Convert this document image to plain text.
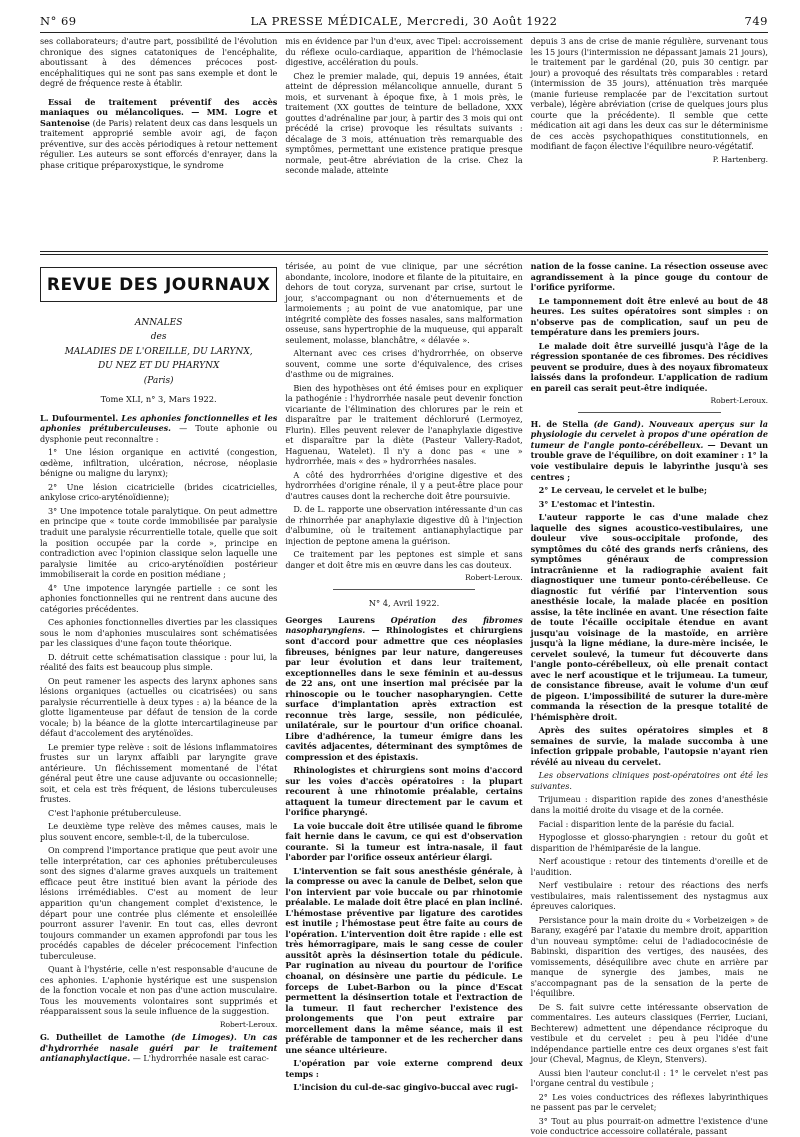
N° 69	LA PRESSE MÉDICALE, Mercredi, 30 Août 1922	749

ses collaborateurs; d'autre part, possibilité de l'évolution chronique des signes catatoniques de l'encéphalite, aboutissant à des démences précoces post-encéphalitiques qui ne sont pas sans exemple et dont le degré de fréquence reste à établir.

Essai de traitement préventif des accès maniaques ou mélancoliques. — MM. Logre et Santenoise (de Paris) relatent deux cas dans lesquels un traitement approprié semble avoir agi, de façon préventive, sur des accès périodiques à retour nettement régulier. Les auteurs se sont efforcés d'enrayer, dans la phase critique préparoxystique, le syndrome

mis en évidence par l'un d'eux, avec Tipel: accroissement du réflexe oculo-cardiaque, apparition de l'hémoclasie digestive, accélération du pouls.

Chez le premier malade, qui, depuis 19 années, était atteint de dépression mélancolique annuelle, durant 5 mois, et survenant à époque fixe, à 1 mois près, le traitement (XX gouttes de teinture de belladone, XXX gouttes d'adrénaline par jour, à partir des 3 mois qui ont précédé la crise) provoque les résultats suivants : décalage de 3 mois, atténuation très remarquable des symptômes, permettant une existence pratique presque normale, peut-être abréviation de la crise. Chez la seconde malade, atteinte

depuis 3 ans de crise de manie régulière, survenant tous les 15 jours (l'intermission ne dépassant jamais 21 jours), le traitement par le gardénal (20, puis 30 centigr. par jour) a provoqué des résultats très comparables : retard (intermission de 35 jours), atténuation très marquée (manie furieuse remplacée par de l'excitation surtout verbale), légère abréviation (crise de quelques jours plus courte que la précédente). Il semble que cette médication ait agi dans les deux cas sur le déterminisme de ces accès psychopathiques constitutionnels, en modifiant de façon élective l'équilibre neuro-végétatif.

P. Hartenberg.

REVUE DES JOURNAUX
ANNALES
des
MALADIES DE L'OREILLE, DU LARYNX,
DU NEZ ET DU PHARYNX
(Paris)
Tome XLI, n° 3, Mars 1922.

L. Dufourmentel. Les aphonies fonctionnelles et les aphonies prétuberculeuses. — Toute aphonie ou dysphonie peut reconnaître :

1° Une lésion organique en activité (congestion, œdème, infiltration, ulcération, nécrose, néoplasie bénigne ou maligne du larynx);

2° Une lésion cicatricielle (brides cicatricielles, ankylose crico-aryténoïdienne);

3° Une impotence totale paralytique. On peut admettre en principe que « toute corde immobilisée par paralysie traduit une paralysie récurrentielle totale, quelle que soit la position occupée par la corde », principe en contradiction avec l'opinion classique selon laquelle une paralysie limitée au crico-aryténoïdien postérieur immobiliserait la corde en position médiane ;

4° Une impotence laryngée partielle : ce sont les aphonies fonctionnelles qui ne rentrent dans aucune des catégories précédentes.

Ces aphonies fonctionnelles diverties par les classiques sous le nom d'aphonies musculaires sont schématisées par les classiques d'une façon toute théorique.

D. détruit cette schématisation classique : pour lui, la réalité des faits est beaucoup plus simple.

On peut ramener les aspects des larynx aphones sans lésions organiques (actuelles ou cicatrisées) ou sans paralysie récurrentielle à deux types : a) la béance de la glotte ligamenteuse par défaut de tension de la corde vocale; b) la béance de la glotte intercartilagineuse par défaut d'accolement des aryténoïdes.

Le premier type relève : soit de lésions inflammatoires frustes sur un larynx affaibli par laryngite grave antérieure. Un fléchissement momentané de l'état général peut être une cause adjuvante ou occasionnelle; soit, et cela est très fréquent, de lésions tuberculeuses frustes.

C'est l'aphonie prétuberculeuse.

Le deuxième type relève des mêmes causes, mais le plus souvent encore, semble-t-il, de la tuberculose.

On comprend l'importance pratique que peut avoir une telle interprétation, car ces aphonies prétuberculeuses sont des signes d'alarme graves auxquels un traitement efficace peut être institué bien avant la période des lésions irrémédiables. C'est au moment de leur apparition qu'un changement complet d'existence, le départ pour une contrée plus clémente et ensoleillée pourront assurer l'avenir. En tout cas, elles devront toujours commander un examen approfondi par tous les procédés capables de déceler précocement l'infection tuberculeuse.

Quant à l'hystérie, celle n'est responsable d'aucune de ces aphonies. L'aphonie hystérique est une suspension de la fonction vocale et non pas d'une action musculaire. Tous les mouvements volontaires sont supprimés et réapparaissent sous la seule influence de la suggestion.

Robert-Leroux.

G. Dutheillet de Lamothe (de Limoges). Un cas d'hydrorrhée nasale guéri par le traitement antianaphylactique. — L'hydrorrhée nasale est carac-

térisée, au point de vue clinique, par une sécrétion abondante, incolore, inodore et filante de la pituitaire, en dehors de tout coryza, survenant par crise, surtout le jour, s'accompagnant ou non d'éternuements et de larmoiements ; au point de vue anatomique, par une intégrité complète des fosses nasales, sans malformation osseuse, sans hypertrophie de la muqueuse, qui apparaît seulement, molasse, blanchâtre, « délavée ».

Alternant avec ces crises d'hydrorrhée, on observe souvent, comme une sorte d'équivalence, des crises d'asthme ou de migraines.

Bien des hypothèses ont été émises pour en expliquer la pathogénie : l'hydrorrhée nasale peut devenir fonction vicariante de l'élimination des chlorures par le rein et disparaître par le traitement déchloruré (Lermoyez, Flurin). Elles peuvent relever de l'anaphylaxie digestive et disparaître par la diète (Pasteur Vallery-Radot, Haguenau, Watelet). Il n'y a donc pas « une » hydrorrhée, mais « des » hydrorrhées nasales.

A côté des hydrorrhées d'origine digestive et des hydrorrhées d'origine rénale, il y a peut-être place pour d'autres causes dont la recherche doit être poursuivie.

D. de L. rapporte une observation intéressante d'un cas de rhinorrhée par anaphylaxie digestive dû à l'injection d'albumine, où le traitement antianaphylactique par injection de peptone amena la guérison.

Ce traitement par les peptones est simple et sans danger et doit être mis en œuvre dans les cas douteux.

Robert-Leroux.

N° 4, Avril 1922.

Georges Laurens Opération des fibromes nasopharyngiens. — Rhinologistes et chirurgiens sont d'accord pour admettre que ces néoplasies fibreuses, bénignes par leur nature, dangereuses par leur évolution et dans leur traitement, exceptionnelles dans le sexe féminin et au-dessus de 22 ans, ont une insertion mal précisée par la rhinoscopie ou le toucher nasopharyngien. Cette surface d'implantation après extraction est reconnue très large, sessile, non pédiculée, unilatérale, sur le pourtour d'un orifice choanal. Libre d'adhérence, la tumeur émigre dans les cavités adjacentes, déterminant des symptômes de compression et des épistaxis.

Rhinologistes et chirurgiens sont moins d'accord sur les voies d'accès opératoires : la plupart recourent à une rhinotomie préalable, certains attaquent la tumeur directement par le cavum et l'orifice pharyngé.

La voie buccale doit être utilisée quand le fibrome fait hernie dans le cavum, ce qui est d'observation courante. Si la tumeur est intra-nasale, il faut l'aborder par l'orifice osseux antérieur élargi.

L'intervention se fait sous anesthésie générale, à la compresse ou avec la canule de Delbet, selon que l'on intervient par voie buccale ou par rhinotomie préalable. Le malade doit être placé en plan incliné. L'hémostase préventive par ligature des carotides est inutile ; l'hémostase peut être faite au cours de l'opération. L'intervention doit être rapide : elle est très hémorragipare, mais le sang cesse de couler aussitôt après la désinsertion totale du pédicule. Par rugination au niveau du pourtour de l'orifice choanal, on désinsère une partie du pédicule. Le forceps de Lubet-Barbon ou la pince d'Escat permettent la désinsertion totale et l'extraction de la tumeur. Il faut rechercher l'existence des prolongements que l'on peut extraire par morcellement dans la même séance, mais il est préférable de tamponner et de les rechercher dans une séance ultérieure.

L'opération par voie externe comprend deux temps :

L'incision du cul-de-sac gingivo-buccal avec rugi-

nation de la fosse canine. La résection osseuse avec agrandissement à la pince gouge du contour de l'orifice pyriforme.

Le tamponnement doit être enlevé au bout de 48 heures. Les suites opératoires sont simples : on n'observe pas de complication, sauf un peu de température dans les premiers jours.

Le malade doit être surveillé jusqu'à l'âge de la régression spontanée de ces fibromes. Des récidives peuvent se produire, dues à des noyaux fibromateux laissés dans la profondeur. L'application de radium en pareil cas serait peut-être indiquée.

Robert-Leroux.

H. de Stella (de Gand). Nouveaux aperçus sur la physiologie du cervelet à propos d'une opération de tumeur de l'angle ponto-cérébelleux. — Devant un trouble grave de l'équilibre, on doit examiner : 1° la voie vestibulaire depuis le labyrinthe jusqu'à ses centres ;

2° Le cerveau, le cervelet et le bulbe;

3° L'estomac et l'intestin.

L'auteur rapporte le cas d'une malade chez laquelle des signes acoustico-vestibulaires, une douleur vive sous-occipitale profonde, des symptômes du côté des grands nerfs crâniens, des symptômes généraux de compression intracrânienne et la radiographie avaient fait diagnostiquer une tumeur ponto-cérébelleuse. Ce diagnostic fut vérifié par l'intervention sous anesthésie locale, la malade placée en position assise, la tête inclinée en avant. Une résection faite de toute l'écaille occipitale étendue en avant jusqu'au voisinage de la mastoïde, en arrière jusqu'à la ligne médiane, la dure-mère incisée, le cervelet soulevé, la tumeur fut découverte dans l'angle ponto-cérébelleux, où elle prenait contact avec le nerf acoustique et le trijumeau. La tumeur, de consistance fibreuse, avait le volume d'un œuf de pigeon. L'impossibilité de suturer la dure-mère commanda la résection de la presque totalité de l'hémisphère droit.

Après des suites opératoires simples et 8 semaines de survie, la malade succomba à une infection grippale probable, l'autopsie n'ayant rien révélé au niveau du cervelet.

Les observations cliniques post-opératoires ont été les suivantes.

Trijumeau : disparition rapide des zones d'anesthésie dans la moitié droite du visage et de la cornée.

Facial : disparition lente de la parésie du facial.

Hypoglosse et glosso-pharyngien : retour du goût et disparition de l'hémiparésie de la langue.

Nerf acoustique : retour des tintements d'oreille et de l'audition.

Nerf vestibulaire : retour des réactions des nerfs vestibulaires, mais ralentissement des nystagmus aux épreuves caloriques.

Persistance pour la main droite du « Vorbeizeigen » de Barany, exagéré par l'ataxie du membre droit, apparition d'un nouveau symptôme: celui de l'adiadococinésie de Babinski, disparition des vertiges, des nausées, des vomissements, déséquilibre avec chute en arrière par manque de synergie des jambes, mais ne s'accompagnant pas de la sensation de la perte de l'équilibre.

De S. fait suivre cette intéressante observation de commentaires. Les auteurs classiques (Ferrier, Luciani, Bechterew) admettent une dépendance réciproque du vestibule et du cervelet : peu à peu l'idée d'une indépendance partielle entre ces deux organes s'est fait jour (Cheval, Magnus, de Kleyn, Stenvers).

Aussi bien l'auteur conclut-il : 1° le cervelet n'est pas l'organe central du vestibule ;

2° Les voies conductrices des réflexes labyrinthiques ne passent pas par le cervelet;

3° Tout au plus pourrait-on admettre l'existence d'une voie conductrice accessoire collatérale, passant
